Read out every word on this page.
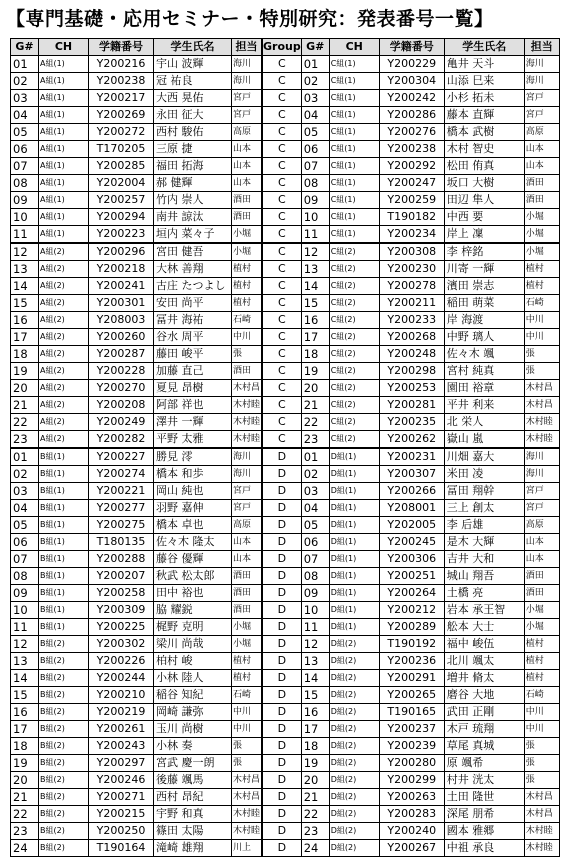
【専門基礎・応用セミナー・特別研究：発表番号一覧】
G#	CH	学籍番号	学生氏名	担当
01	A組(1)	Y200216	宇山 波輝	海川
02	A組(1)	Y200238	冠 祐良	海川
03	A組(1)	Y200217	大西 晃佑	宮戸
04	A組(1)	Y200269	永田 征大	宮戸
05	A組(1)	Y200272	西村 駿佑	高原
06	A組(1)	T170205	三原 捷	山本
07	A組(1)	Y200285	福田 拓海	山本
08	A組(1)	Y202004	郝 健輝	山本
09	A組(1)	Y200257	竹内 崇人	酒田
10	A組(1)	Y200294	南井 諒汰	酒田
11	A組(1)	Y200223	垣内 菜々子	小堀
12	A組(2)	Y200296	宮田 健吾	小堀
13	A組(2)	Y200218	大林 善翔	植村
14	A組(2)	Y200241	古庄 たつよし	植村
15	A組(2)	Y200301	安田 尚平	植村
16	A組(2)	Y208003	冨井 海祐	石崎
17	A組(2)	Y200260	谷水 周平	中川
18	A組(2)	Y200287	藤田 峻平	張
19	A組(2)	Y200228	加藤 直己	酒田
20	A組(2)	Y200270	夏見 昂樹	木村昌
21	A組(2)	Y200208	阿部 祥也	木村睦
22	A組(2)	Y200249	澤井 一輝	木村睦
23	A組(2)	Y200282	平野 太雅	木村睦
01	B組(1)	Y200227	勝見 澪	海川
02	B組(1)	Y200274	橋本 和歩	海川
03	B組(1)	Y200221	岡山 純也	宮戸
04	B組(1)	Y200277	羽野 嘉伸	宮戸
05	B組(1)	Y200275	橋本 卓也	高原
06	B組(1)	T180135	佐々木 隆太	山本
07	B組(1)	Y200288	藤谷 優輝	山本
08	B組(1)	Y200207	秋武 松太郎	酒田
09	B組(1)	Y200258	田中 裕也	酒田
10	B組(1)	Y200309	脇 耀鋭	酒田
11	B組(1)	Y200225	梶野 克明	小堀
12	B組(2)	Y200302	梁川 尚哉	小堀
13	B組(2)	Y200226	柏村 峻	植村
14	B組(2)	Y200244	小林 陸人	植村
15	B組(2)	Y200210	稲谷 知紀	石崎
16	B組(2)	Y200219	岡崎 謙弥	中川
17	B組(2)	Y200261	玉川 尚樹	中川
18	B組(2)	Y200243	小林 奏	張
19	B組(2)	Y200297	宮武 慶一朗	張
20	B組(2)	Y200246	後藤 颯馬	木村昌
21	B組(2)	Y200271	西村 昂紀	木村昌
22	B組(2)	Y200215	宇野 和真	木村睦
23	B組(2)	Y200250	篠田 太陽	木村睦
24	B組(2)	T190164	滝崎 雄翔	川上
Group	G#	CH	学籍番号	学生氏名	担当
C	01	C組(1)	Y200229	亀井 天斗	海川
C	02	C組(1)	Y200304	山添 巳来	海川
C	03	C組(1)	Y200242	小杉 拓未	宮戸
C	04	C組(1)	Y200286	藤本 直輝	宮戸
C	05	C組(1)	Y200276	橋本 武樹	高原
C	06	C組(1)	Y200238	木村 智史	山本
C	07	C組(1)	Y200292	松田 侑真	山本
C	08	C組(1)	Y200247	坂口 大樹	酒田
C	09	C組(1)	Y200259	田辺 隼人	酒田
C	10	C組(1)	T190182	中西 要	小堀
C	11	C組(1)	Y200234	岸上 凜	小堀
C	12	C組(2)	Y200308	李 梓銘	小堀
C	13	C組(2)	Y200230	川寄 一輝	植村
C	14	C組(2)	Y200278	濱田 崇志	植村
C	15	C組(2)	Y200211	稲田 萌菜	石崎
C	16	C組(2)	Y200233	岸 海渡	中川
C	17	C組(2)	Y200268	中野 璃人	中川
C	18	C組(2)	Y200248	佐々木 颯	張
C	19	C組(2)	Y200298	宮村 純真	張
C	20	C組(2)	Y200253	園田 裕章	木村昌
C	21	C組(2)	Y200281	平井 利来	木村昌
C	22	C組(2)	Y200235	北 栄人	木村睦
C	23	C組(2)	Y200262	嶽山 嵐	木村睦
D	01	D組(1)	Y200231	川畑 嘉大	海川
D	02	D組(1)	Y200307	米田 凌	海川
D	03	D組(1)	Y200266	冨田 翔幹	宮戸
D	04	D組(1)	Y208001	三上 創太	宮戸
D	05	D組(1)	Y202005	李 后雄	高原
D	06	D組(1)	Y200245	是木 大輝	山本
D	07	D組(1)	Y200306	吉井 大和	山本
D	08	D組(1)	Y200251	城山 翔吾	酒田
D	09	D組(1)	Y200264	土橋 亮	酒田
D	10	D組(1)	Y200212	岩本 承王智	小堀
D	11	D組(1)	Y200289	舩本 大士	小堀
D	12	D組(2)	T190192	福中 峻伍	植村
D	13	D組(2)	Y200236	北川 颯太	植村
D	14	D組(2)	Y200291	増井 脩太	植村
D	15	D組(2)	Y200265	磨谷 大地	石崎
D	16	D組(2)	T190165	武田 正剛	中川
D	17	D組(2)	Y200237	木戸 琉翔	中川
D	18	D組(2)	Y200239	草尾 真城	張
D	19	D組(2)	Y200280	原 颯希	張
D	20	D組(2)	Y200299	村井 洸太	張
D	21	D組(2)	Y200263	土田 隆世	木村昌
D	22	D組(2)	Y200283	深尾 朋希	木村昌
D	23	D組(2)	Y200240	國本 雅郷	木村睦
D	24	D組(2)	Y200267	中祖 承良	木村睦
